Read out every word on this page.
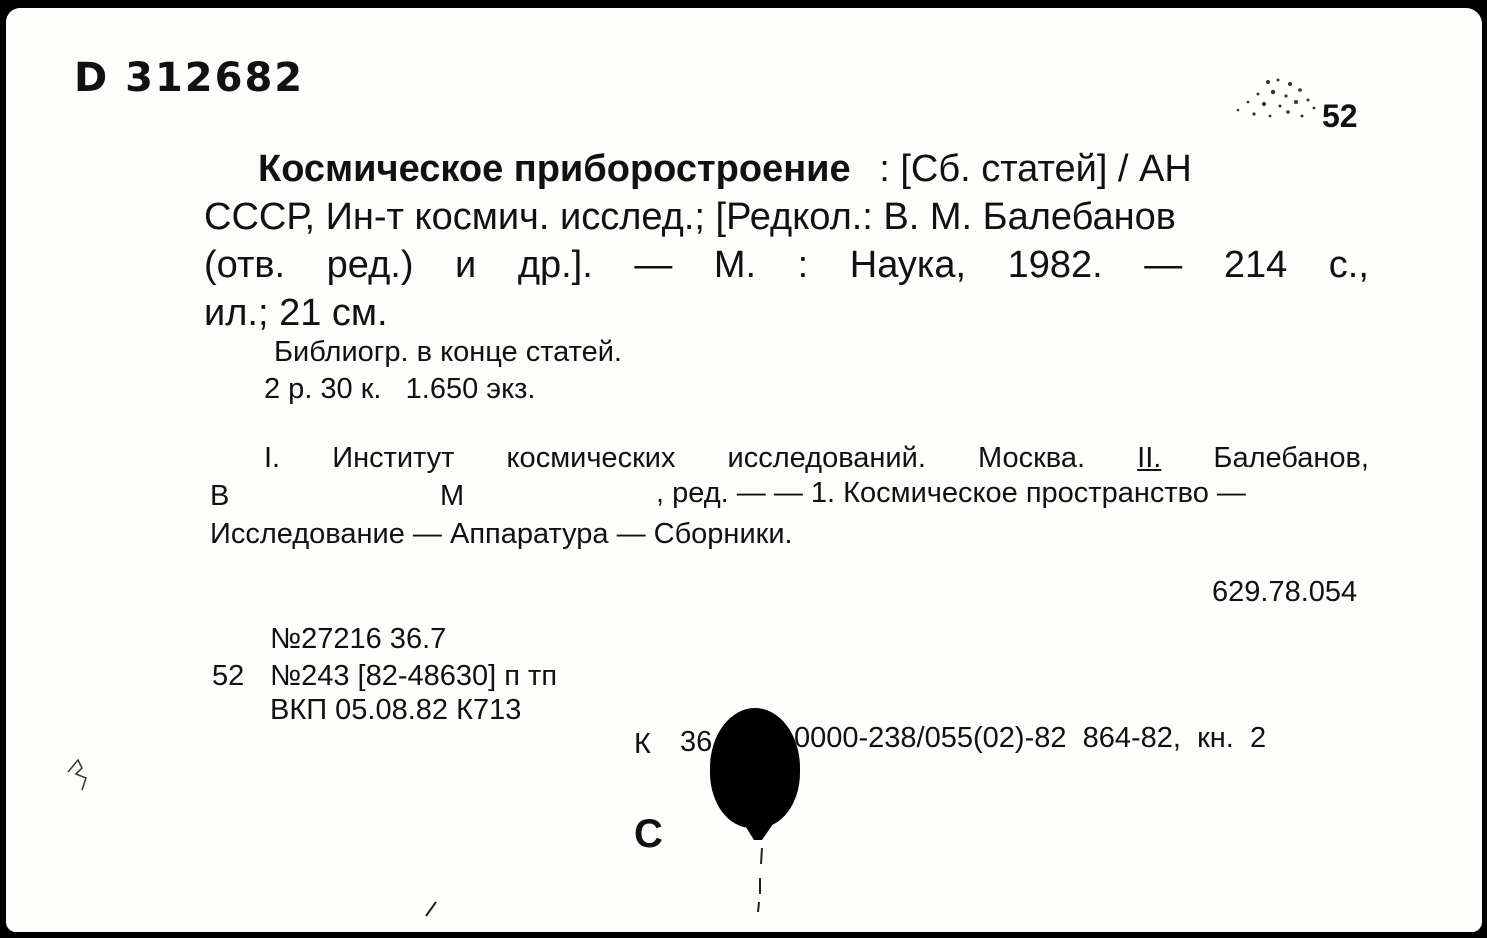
D 312682
52
Космическое приборостроение : [Сб. статей] / АН
СССР, Ин-т космич. исслед.; [Редкол.: В. М. Балебанов
(отв. ред.) и др.]. — М. : Наука, 1982. — 214 с.,
ил.; 21 см.
Библиогр. в конце статей.
2 р. 30 к.   1.650 экз.
I. Институт космических исследований. Москва. II. Балебанов,
В	М	, ред. — — 1. Космическое пространство —
Исследование — Аппаратура — Сборники.
629.78.054
№27216 36.7
52 №243 [82-48630] п тп
ВКП 05.08.82 К713
К 36	0000-238/055(02)-82  864-82,  кн.  2
С
